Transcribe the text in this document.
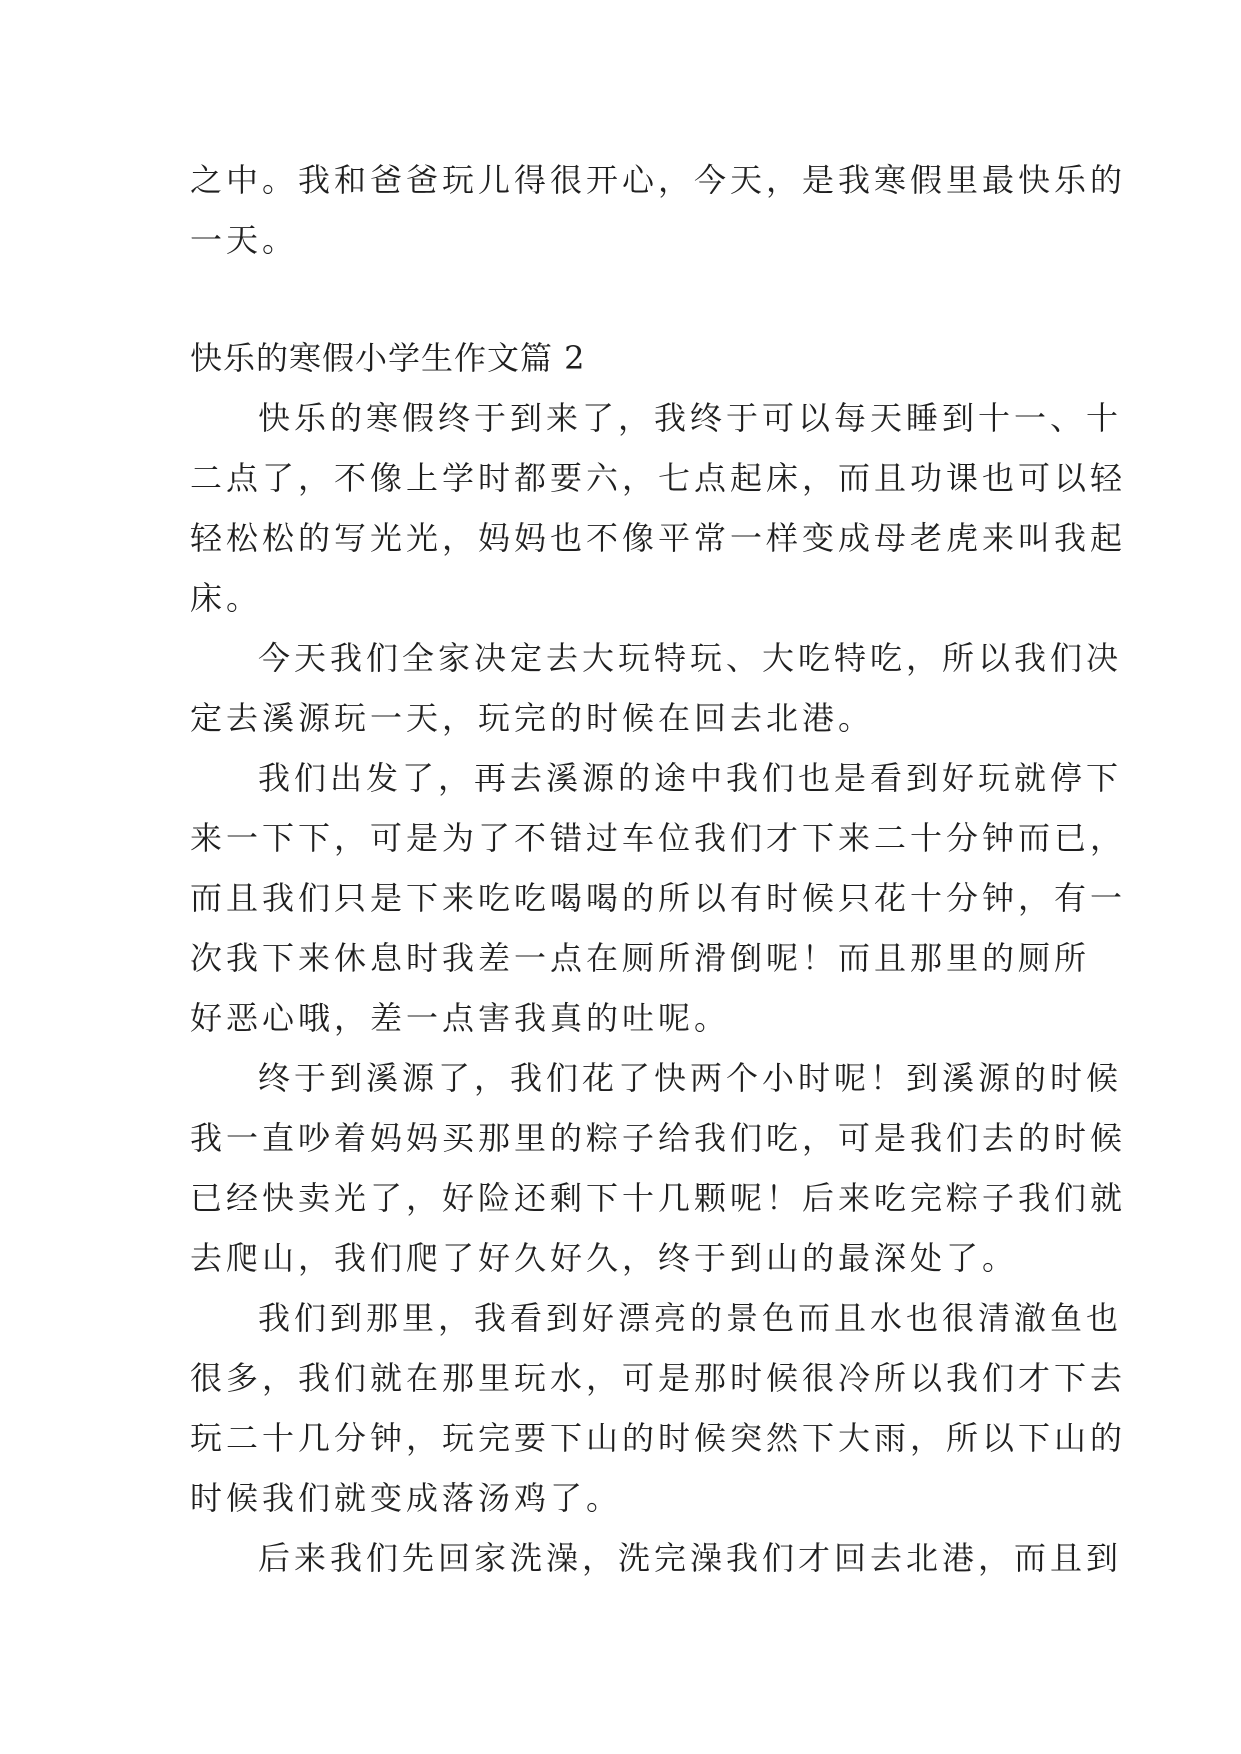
之中。我和爸爸玩儿得很开心，今天，是我寒假里最快乐的
一天。
快乐的寒假小学生作文篇 2
快乐的寒假终于到来了，我终于可以每天睡到十一、十
二点了，不像上学时都要六，七点起床，而且功课也可以轻
轻松松的写光光，妈妈也不像平常一样变成母老虎来叫我起
床。
今天我们全家决定去大玩特玩、大吃特吃，所以我们决
定去溪源玩一天，玩完的时候在回去北港。
我们出发了，再去溪源的途中我们也是看到好玩就停下
来一下下，可是为了不错过车位我们才下来二十分钟而已，
而且我们只是下来吃吃喝喝的所以有时候只花十分钟，有一
次我下来休息时我差一点在厕所滑倒呢！而且那里的厕所
好恶心哦，差一点害我真的吐呢。
终于到溪源了，我们花了快两个小时呢！到溪源的时候
我一直吵着妈妈买那里的粽子给我们吃，可是我们去的时候
已经快卖光了，好险还剩下十几颗呢！后来吃完粽子我们就
去爬山，我们爬了好久好久，终于到山的最深处了。
我们到那里，我看到好漂亮的景色而且水也很清澈鱼也
很多，我们就在那里玩水，可是那时候很冷所以我们才下去
玩二十几分钟，玩完要下山的时候突然下大雨，所以下山的
时候我们就变成落汤鸡了。
后来我们先回家洗澡，洗完澡我们才回去北港，而且到
